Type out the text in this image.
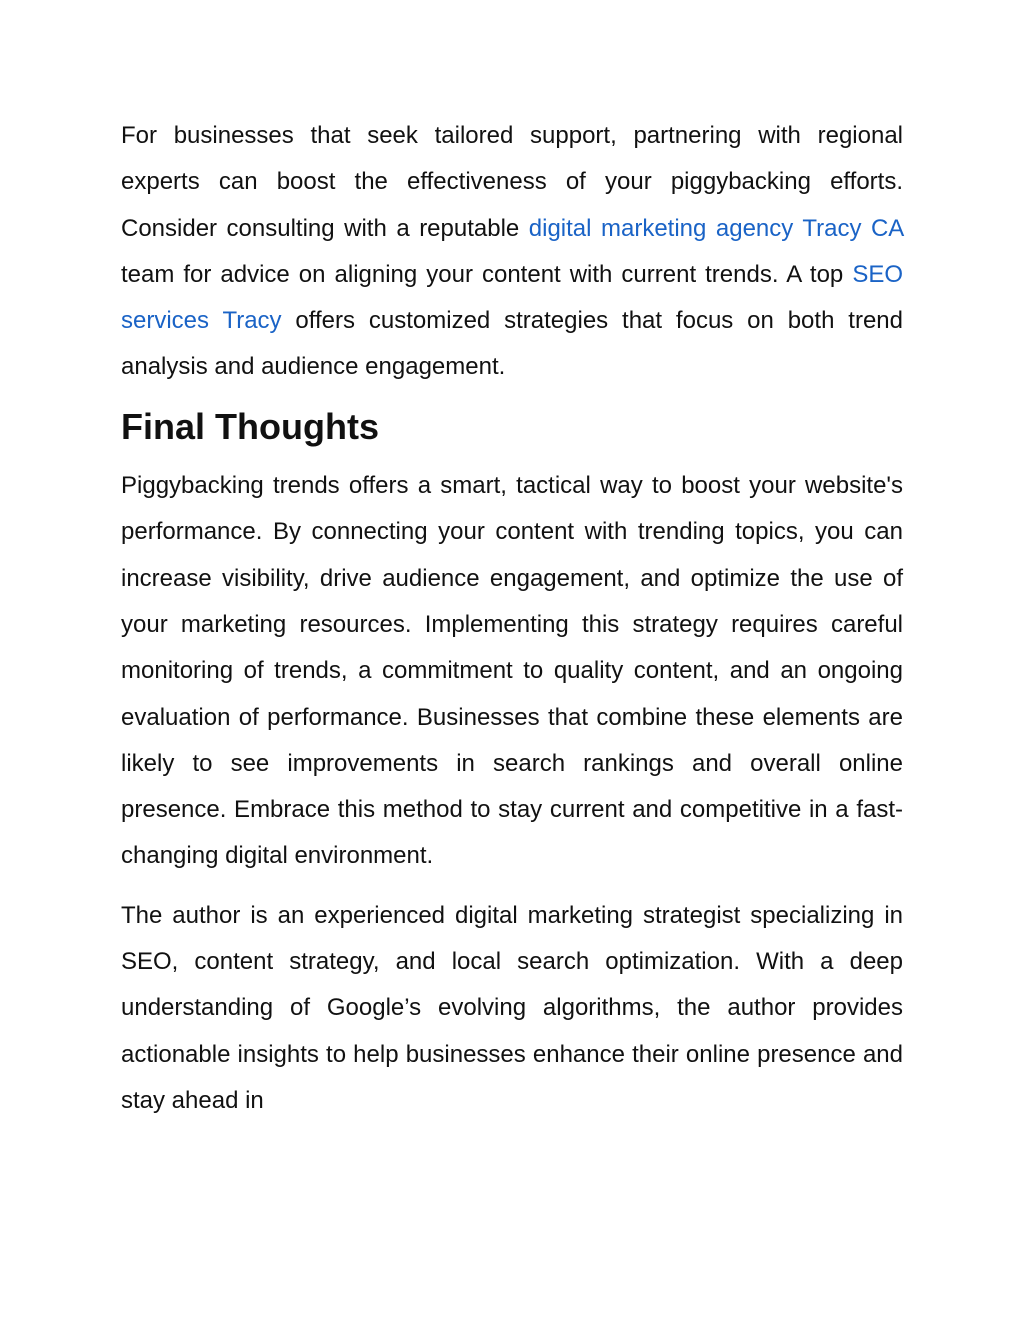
For businesses that seek tailored support, partnering with regional experts can boost the effectiveness of your piggybacking efforts. Consider consulting with a reputable digital marketing agency Tracy CA team for advice on aligning your content with current trends. A top SEO services Tracy offers customized strategies that focus on both trend analysis and audience engagement.

Final Thoughts

Piggybacking trends offers a smart, tactical way to boost your website's performance. By connecting your content with trending topics, you can increase visibility, drive audience engagement, and optimize the use of your marketing resources. Implementing this strategy requires careful monitoring of trends, a commitment to quality content, and an ongoing evaluation of performance. Businesses that combine these elements are likely to see improvements in search rankings and overall online presence. Embrace this method to stay current and competitive in a fast-changing digital environment.

The author is an experienced digital marketing strategist specializing in SEO, content strategy, and local search optimization. With a deep understanding of Google’s evolving algorithms, the author provides actionable insights to help businesses enhance their online presence and stay ahead in
